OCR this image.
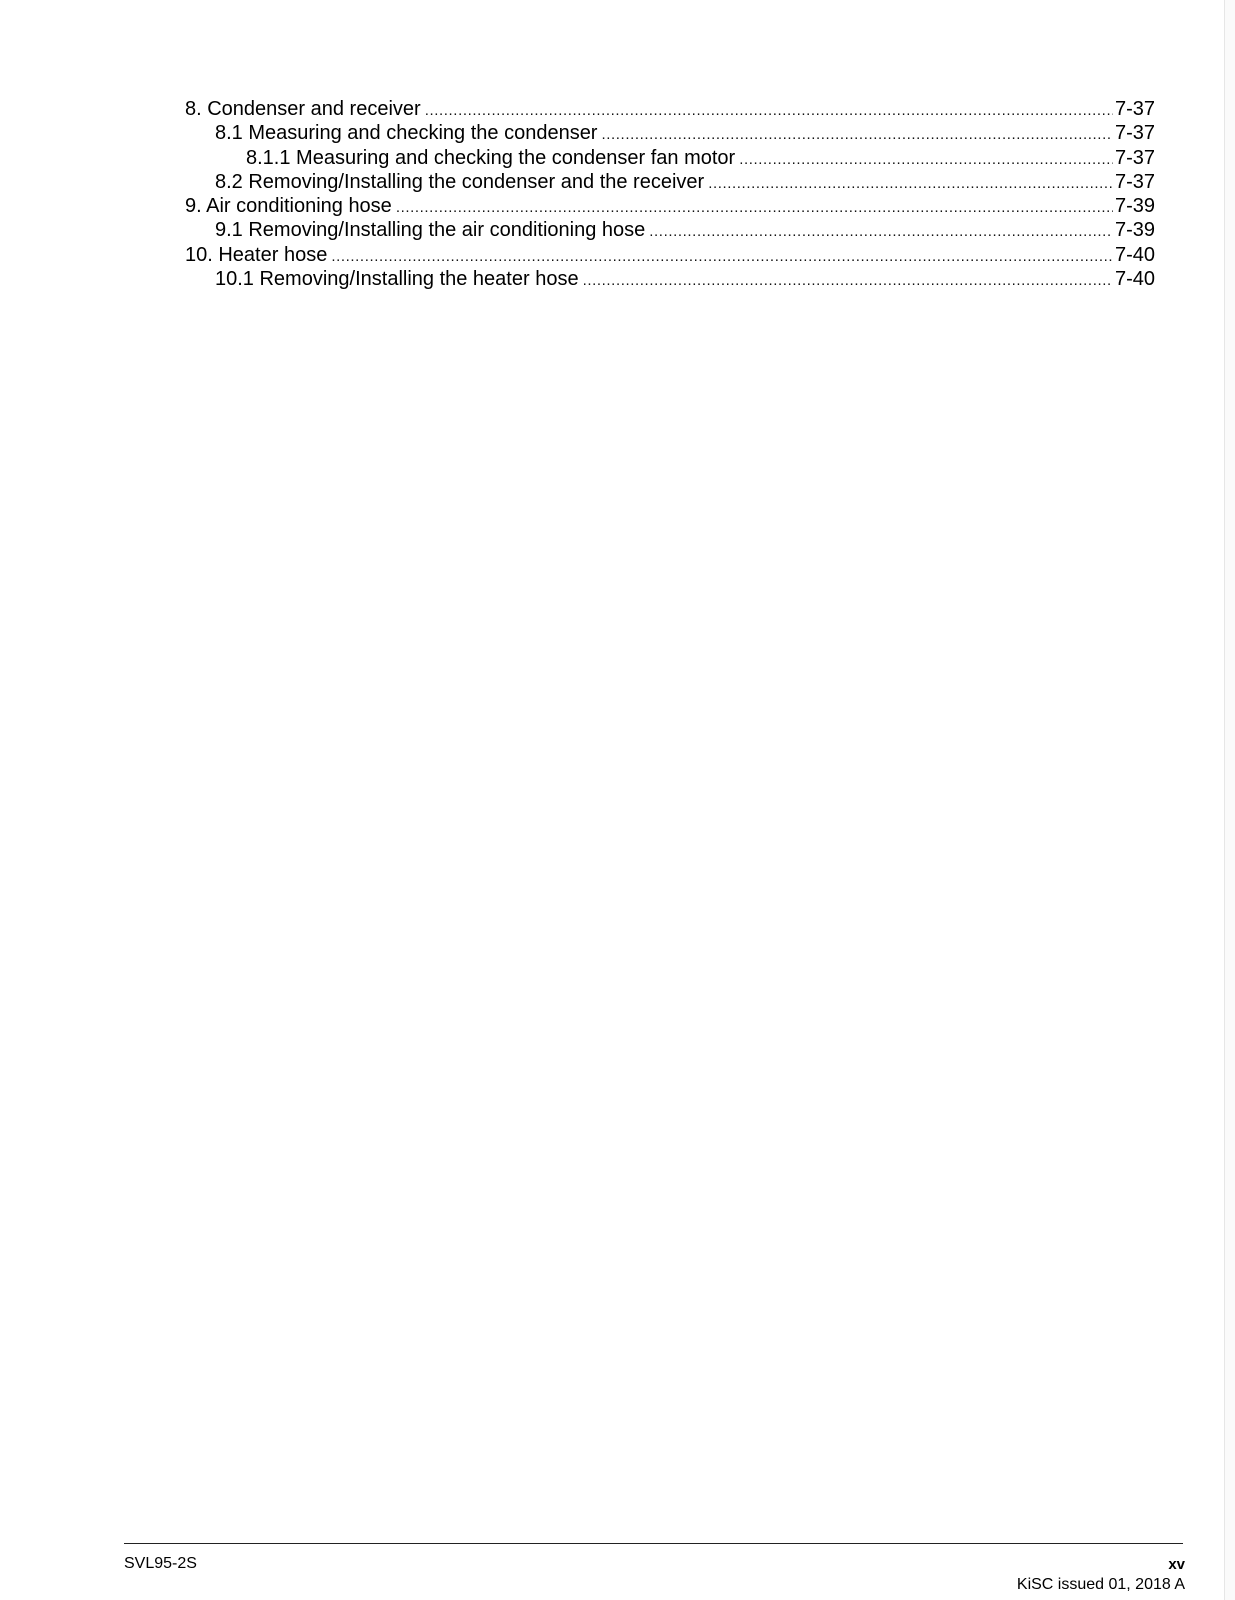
8. Condenser and receiver .....	7-37
8.1 Measuring and checking the condenser .....	7-37
8.1.1 Measuring and checking the condenser fan motor .....	7-37
8.2 Removing/Installing the condenser and the receiver .....	7-37
9. Air conditioning hose .....	7-39
9.1 Removing/Installing the air conditioning hose .....	7-39
10. Heater hose .....	7-40
10.1 Removing/Installing the heater hose .....	7-40
SVL95-2S	xv
KiSC issued 01, 2018 A
